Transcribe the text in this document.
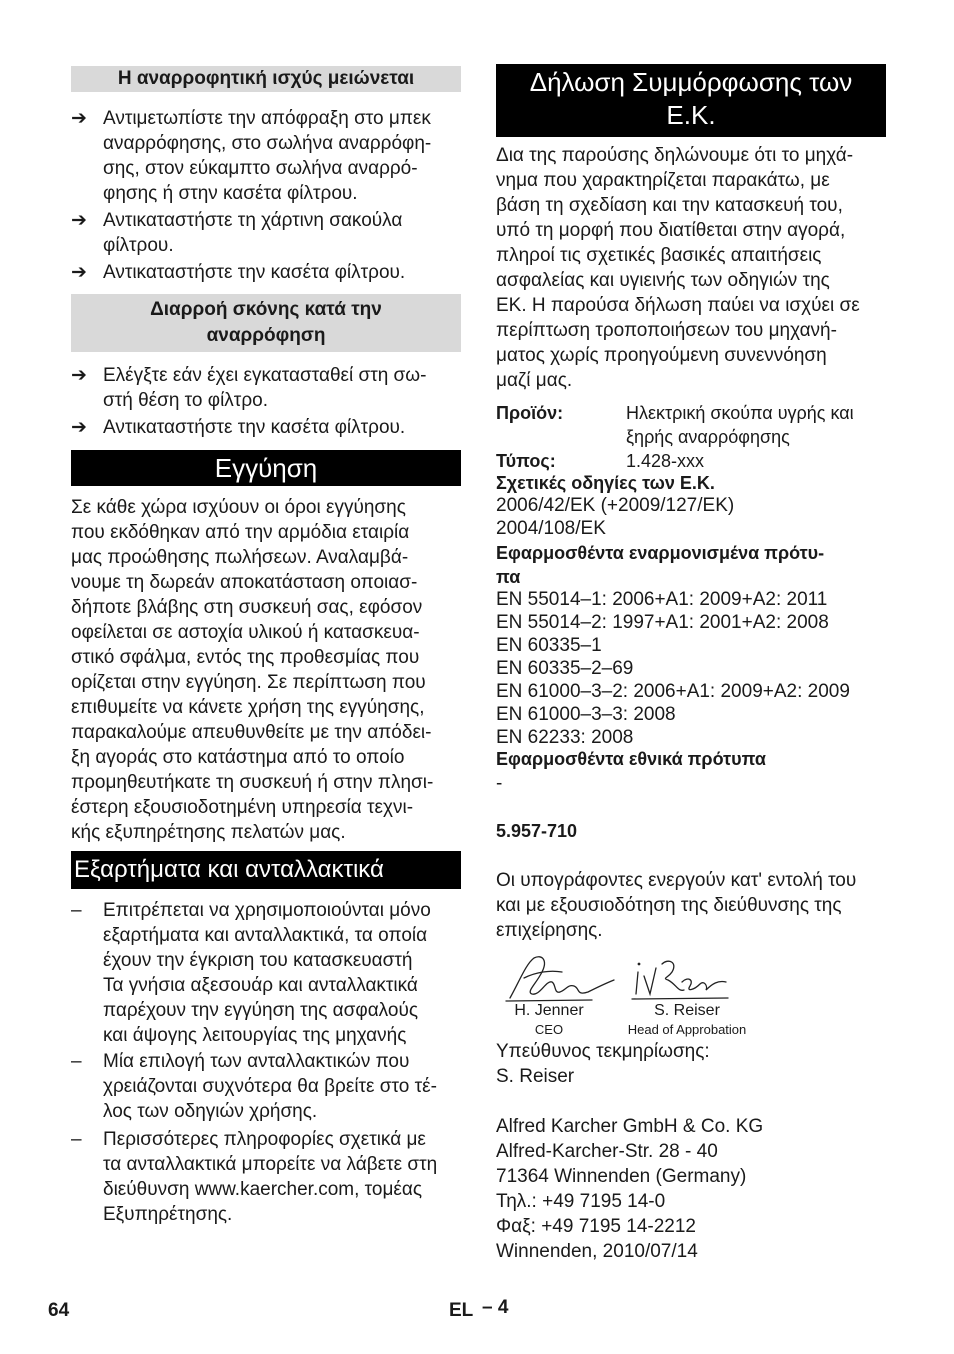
Η αναρροφητική ισχύς μειώνεται
➔ Αντιμετωπίστε την απόφραξη στο μπεκ
αναρρόφησης, στο σωλήνα αναρρόφη-
σης, στον εύκαμπτο σωλήνα αναρρό-
φησης ή στην κασέτα φίλτρου.
➔ Αντικαταστήστε τη χάρτινη σακούλα
φίλτρου.
➔ Αντικαταστήστε την κασέτα φίλτρου.
Διαρροή σκόνης κατά την
αναρρόφηση
➔ Ελέγξτε εάν έχει εγκατασταθεί στη σω-
στή θέση το φίλτρο.
➔ Αντικαταστήστε την κασέτα φίλτρου.
Εγγύηση
Σε κάθε χώρα ισχύουν οι όροι εγγύησης
που εκδόθηκαν από την αρμόδια εταιρία
μας προώθησης πωλήσεων. Αναλαμβά-
νουμε τη δωρεάν αποκατάσταση οποιασ-
δήποτε βλάβης στη συσκευή σας, εφόσον
οφείλεται σε αστοχία υλικού ή κατασκευα-
στικό σφάλμα, εντός της προθεσμίας που
ορίζεται στην εγγύηση. Σε περίπτωση που
επιθυμείτε να κάνετε χρήση της εγγύησης,
παρακαλούμε απευθυνθείτε με την απόδει-
ξη αγοράς στο κατάστημα από το οποίο
προμηθευτήκατε τη συσκευή ή στην πλησι-
έστερη εξουσιοδοτημένη υπηρεσία τεχνι-
κής εξυπηρέτησης πελατών μας.
Εξαρτήματα και ανταλλακτικά
–	Επιτρέπεται να χρησιμοποιούνται μόνο
εξαρτήματα και ανταλλακτικά, τα οποία
έχουν την έγκριση του κατασκευαστή
Τα γνήσια αξεσουάρ και ανταλλακτικά
παρέχουν την εγγύηση της ασφαλούς
και άψογης λειτουργίας της μηχανής
–	Μία επιλογή των ανταλλακτικών που
χρειάζονται συχνότερα θα βρείτε στο τέ-
λος των οδηγιών χρήσης.
–	Περισσότερες πληροφορίες σχετικά με
τα ανταλλακτικά μπορείτε να λάβετε στη
διεύθυνση www.kaercher.com, τομέας
Εξυπηρέτησης.
Δήλωση Συμμόρφωσης των
Ε.Κ.
Δια της παρούσης δηλώνουμε ότι το μηχά-
νημα που χαρακτηρίζεται παρακάτω, με
βάση τη σχεδίαση και την κατασκευή του,
υπό τη μορφή που διατίθεται στην αγορά,
πληροί τις σχετικές βασικές απαιτήσεις
ασφαλείας και υγιεινής των οδηγιών της
ΕΚ. Η παρούσα δήλωση παύει να ισχύει σε
περίπτωση τροποποιήσεων του μηχανή-
ματος χωρίς προηγούμενη συνεννόηση
μαζί μας.
Προϊόν:	Ηλεκτρική σκούπα υγρής και ξηρής αναρρόφησης
Τύπος:	1.428-xxx
Σχετικές οδηγίες των Ε.Κ.
2006/42/EK (+2009/127/EK)
2004/108/EK
Εφαρμοσθέντα εναρμονισμένα πρότυ-
πα
EN 55014–1: 2006+A1: 2009+A2: 2011
EN 55014–2: 1997+A1: 2001+A2: 2008
EN 60335–1
EN 60335–2–69
EN 61000–3–2: 2006+A1: 2009+A2: 2009
EN 61000–3–3: 2008
EN 62233: 2008
Εφαρμοσθέντα εθνικά πρότυπα
-
5.957-710
Οι υπογράφοντες ενεργούν κατ' εντολή του
και με εξουσιοδότηση της διεύθυνσης της
επιχείρησης.
H. Jenner
CEO
S. Reiser
Head of Approbation
Υπεύθυνος τεκμηρίωσης:
S. Reiser
Alfred Karcher GmbH & Co. KG
Alfred-Karcher-Str. 28 - 40
71364 Winnenden (Germany)
Τηλ.: +49 7195 14-0
Φαξ: +49 7195 14-2212
Winnenden, 2010/07/14
64	EL – 4
